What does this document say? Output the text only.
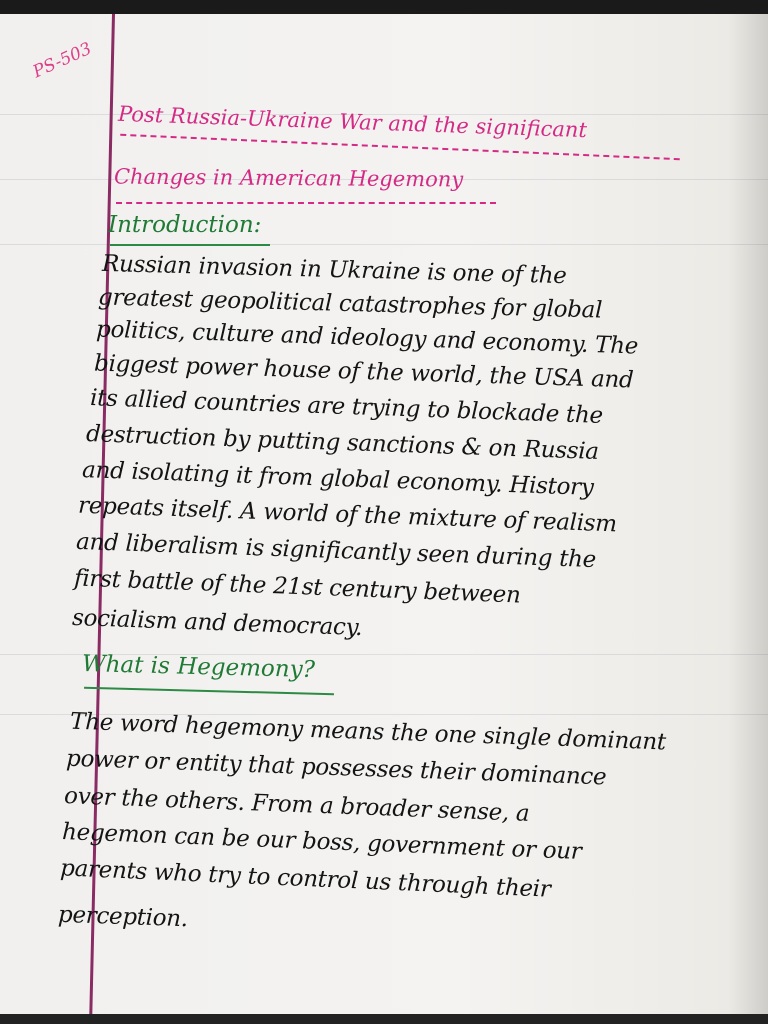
PS-503
Post Russia-Ukraine War and the significant
Changes in American Hegemony
Introduction:
Russian invasion in Ukraine is one of the
greatest geopolitical catastrophes for global
politics, culture and ideology and economy. The
biggest power house of the world, the USA and
its allied countries are trying to blockade the
destruction by putting sanctions & on Russia
and isolating it from global economy. History
repeats itself. A world of the mixture of realism
and liberalism is significantly seen during the
first battle of the 21st century between
socialism and democracy.
What is Hegemony?
The word hegemony means the one single dominant
power or entity that possesses their dominance
over the others. From a broader sense, a
hegemon can be our boss, government or our
parents who try to control us through their
perception.
